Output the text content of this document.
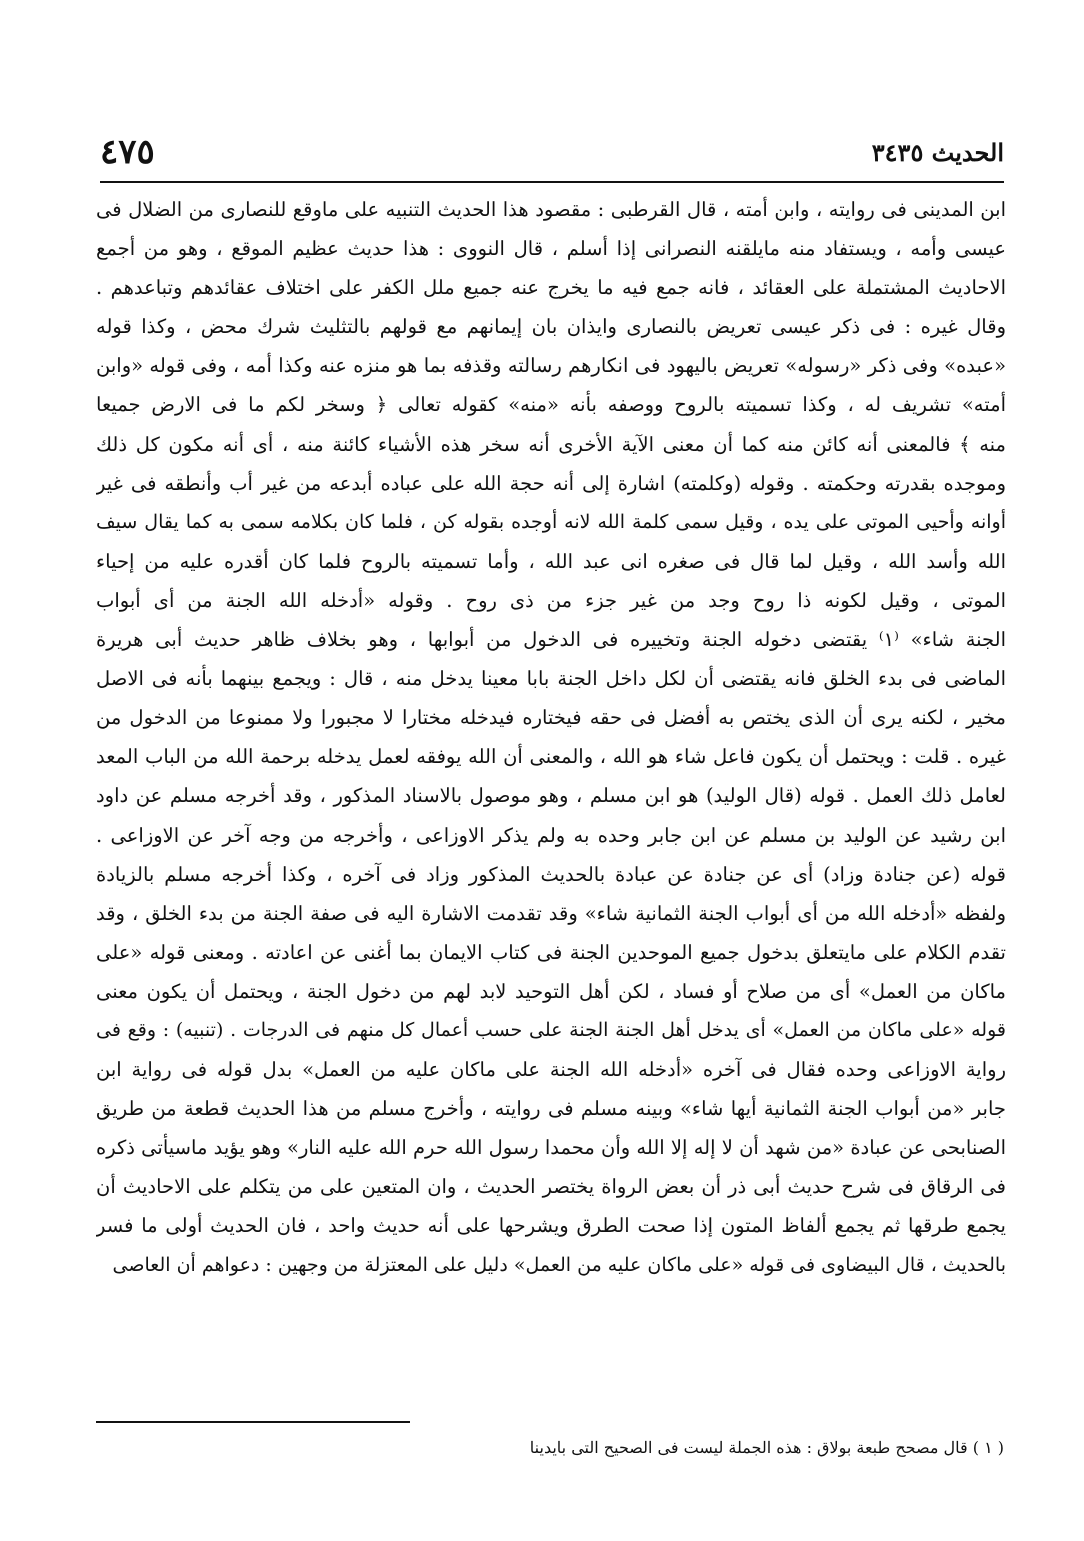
الحديث ٣٤٣٥
٤٧٥
ابن المدينى فى روايته ، وابن أمته ، قال القرطبى : مقصود هذا الحديث التنبيه على ماوقع للنصارى من الضلال فى
عيسى وأمه ، ويستفاد منه مايلقنه النصرانى إذا أسلم ، قال النووى : هذا حديث عظيم الموقع ، وهو من أجمع
الاحاديث المشتملة على العقائد ، فانه جمع فيه ما يخرج عنه جميع ملل الكفر على اختلاف عقائدهم وتباعدهم .
وقال غيره : فى ذكر عيسى تعريض بالنصارى وايذان بان إيمانهم مع قولهم بالتثليث شرك محض ، وكذا قوله
«عبده» وفى ذكر «رسوله» تعريض باليهود فى انكارهم رسالته وقذفه بما هو منزه عنه وكذا أمه ، وفى قوله «وابن
أمته» تشريف له ، وكذا تسميته بالروح ووصفه بأنه «منه» كقوله تعالى ﴿ وسخر لكم ما فى الارض جميعا
منه ﴾ فالمعنى أنه كائن منه كما أن معنى الآية الأخرى أنه سخر هذه الأشياء كائنة منه ، أى أنه مكون كل ذلك
وموجده بقدرته وحكمته . وقوله (وكلمته) اشارة إلى أنه حجة الله على عباده أبدعه من غير أب وأنطقه فى غير
أوانه وأحيى الموتى على يده ، وقيل سمى كلمة الله لانه أوجده بقوله كن ، فلما كان بكلامه سمى به كما يقال سيف
الله وأسد الله ، وقيل لما قال فى صغره انى عبد الله ، وأما تسميته بالروح فلما كان أقدره عليه من إحياء
الموتى ، وقيل لكونه ذا روح وجد من غير جزء من ذى روح . وقوله «أدخله الله الجنة من أى أبواب
الجنة شاء» ⁽١⁾ يقتضى دخوله الجنة وتخييره فى الدخول من أبوابها ، وهو بخلاف ظاهر حديث أبى هريرة
الماضى فى بدء الخلق فانه يقتضى أن لكل داخل الجنة بابا معينا يدخل منه ، قال : ويجمع بينهما بأنه فى الاصل
مخير ، لكنه يرى أن الذى يختص به أفضل فى حقه فيختاره فيدخله مختارا لا مجبورا ولا ممنوعا من الدخول من
غيره . قلت : ويحتمل أن يكون فاعل شاء هو الله ، والمعنى أن الله يوفقه لعمل يدخله برحمة الله من الباب المعد
لعامل ذلك العمل . قوله (قال الوليد) هو ابن مسلم ، وهو موصول بالاسناد المذكور ، وقد أخرجه مسلم عن داود
ابن رشيد عن الوليد بن مسلم عن ابن جابر وحده به ولم يذكر الاوزاعى ، وأخرجه من وجه آخر عن الاوزاعى .
قوله (عن جنادة وزاد) أى عن جنادة عن عبادة بالحديث المذكور وزاد فى آخره ، وكذا أخرجه مسلم بالزيادة
ولفظه «أدخله الله من أى أبواب الجنة الثمانية شاء» وقد تقدمت الاشارة اليه فى صفة الجنة من بدء الخلق ، وقد
تقدم الكلام على مايتعلق بدخول جميع الموحدين الجنة فى كتاب الايمان بما أغنى عن اعادته . ومعنى قوله «على
ماكان من العمل» أى من صلاح أو فساد ، لكن أهل التوحيد لابد لهم من دخول الجنة ، ويحتمل أن يكون معنى
قوله «على ماكان من العمل» أى يدخل أهل الجنة الجنة على حسب أعمال كل منهم فى الدرجات . (تنبيه) : وقع فى
رواية الاوزاعى وحده فقال فى آخره «أدخله الله الجنة على ماكان عليه من العمل» بدل قوله فى رواية ابن
جابر «من أبواب الجنة الثمانية أيها شاء» وبينه مسلم فى روايته ، وأخرج مسلم من هذا الحديث قطعة من طريق
الصنابحى عن عبادة «من شهد أن لا إله إلا الله وأن محمدا رسول الله حرم الله عليه النار» وهو يؤيد ماسيأتى ذكره
فى الرقاق فى شرح حديث أبى ذر أن بعض الرواة يختصر الحديث ، وان المتعين على من يتكلم على الاحاديث أن
يجمع طرقها ثم يجمع ألفاظ المتون إذا صحت الطرق ويشرحها على أنه حديث واحد ، فان الحديث أولى ما فسر
بالحديث ، قال البيضاوى فى قوله «على ماكان عليه من العمل» دليل على المعتزلة من وجهين : دعواهم أن العاصى
( ١ ) قال مصحح طبعة بولاق : هذه الجملة ليست فى الصحيح التى بايدينا
